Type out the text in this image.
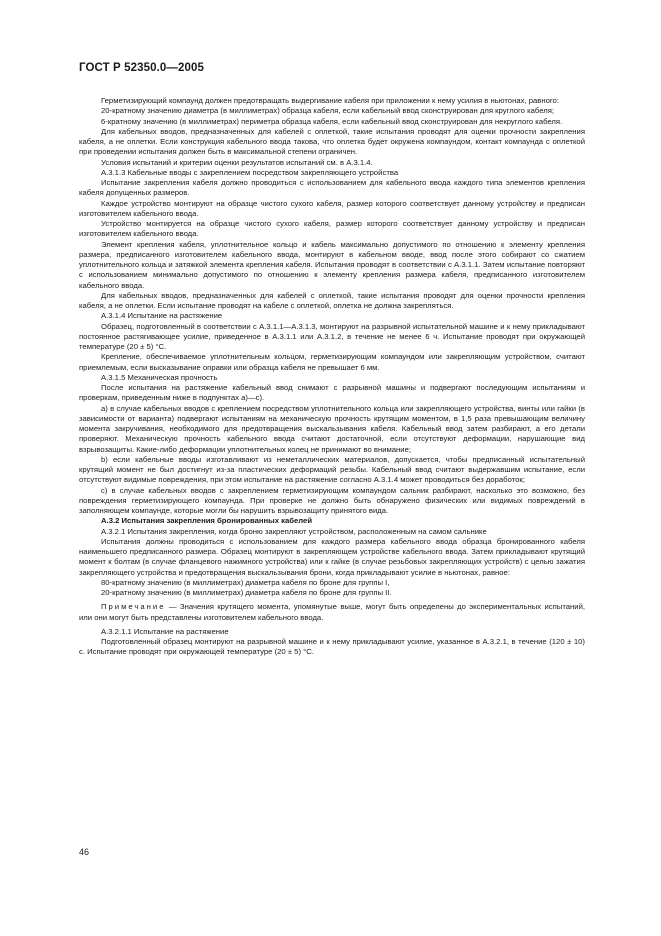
ГОСТ Р 52350.0—2005

Герметизирующий компаунд должен предотвращать выдергивание кабеля при приложении к нему усилия в ньютонах, равного:

20-кратному значению диаметра (в миллиметрах) образца кабеля, если кабельный ввод сконструирован для круглого кабеля;

6-кратному значению (в миллиметрах) периметра образца кабеля, если кабельный ввод сконструирован для некруглого кабеля.

Для кабельных вводов, предназначенных для кабелей с оплеткой, такие испытания проводят для оценки прочности закрепления кабеля, а не оплетки. Если конструкция кабельного ввода такова, что оплетка будет окружена компаундом, контакт компаунда с оплеткой при проведении испытания должен быть в максимальной степени ограничен.

Условия испытаний и критерии оценки результатов испытаний см. в А.3.1.4.

А.3.1.3 Кабельные вводы с закреплением посредством закрепляющего устройства

Испытание закрепления кабеля должно проводиться с использованием для кабельного ввода каждого типа элементов крепления кабеля допущенных размеров.

Каждое устройство монтируют на образце чистого сухого кабеля, размер которого соответствует данному устройству и предписан изготовителем кабельного ввода.

Устройство монтируется на образце чистого сухого кабеля, размер которого соответствует данному устройству и предписан изготовителем кабельного ввода.

Элемент крепления кабеля, уплотнительное кольцо и кабель максимально допустимого по отношению к элементу крепления размера, предписанного изготовителем кабельного ввода, монтируют в кабельном вводе, ввод после этого собирают со сжатием уплотнительного кольца и затяжкой элемента крепления кабеля. Испытания проводят в соответствии с А.3.1.1. Затем испытание повторяют с использованием минимально допустимого по отношению к элементу крепления размера кабеля, предписанного изготовителем кабельного ввода.

Для кабельных вводов, предназначенных для кабелей с оплеткой, такие испытания проводят для оценки прочности крепления кабеля, а не оплетки. Если испытание проводят на кабеле с оплеткой, оплетка не должна закрепляться.

А.3.1.4 Испытание на растяжение

Образец, подготовленный в соответствии с А.3.1.1—А.3.1.3, монтируют на разрывной испытательной машине и к нему прикладывают постоянное растягивающее усилие, приведенное в А.3.1.1 или А.3.1.2, в течение не менее 6 ч. Испытание проводят при окружающей температуре (20 ± 5) °С.

Крепление, обеспечиваемое уплотнительным кольцом, герметизирующим компаундом или закрепляющим устройством, считают приемлемым, если высказывание оправки или образца кабеля не превышает 6 мм.

А.3.1.5 Механическая прочность

После испытания на растяжение кабельный ввод снимают с разрывной машины и подвергают последующим испытаниям и проверкам, приведенным ниже в подпунктах а)—с).

а) в случае кабельных вводов с креплением посредством уплотнительного кольца или закрепляющего устройства, винты или гайки (в зависимости от варианта) подвергают испытаниям на механическую прочность крутящим моментом, в 1,5 раза превышающим величину момента закручивания, необходимого для предотвращения выскальзывания кабеля. Кабельный ввод затем разбирают, а его детали проверяют. Механическую прочность кабельного ввода считают достаточной, если отсутствуют деформации, нарушающие вид взрывозащиты. Какие-либо деформации уплотнительных колец не принимают во внимание;

b) если кабельные вводы изготавливают из неметаллических материалов, допускается, чтобы предписанный испытательный крутящий момент не был достигнут из-за пластических деформаций резьбы. Кабельный ввод считают выдержавшим испытание, если отсутствуют видимые повреждения, при этом испытание на растяжение согласно А.3.1.4 может проводиться без доработок;

с) в случае кабельных вводов с закреплением герметизирующим компаундом сальник разбирают, насколько это возможно, без повреждения герметизирующего компаунда. При проверке не должно быть обнаружено физических или видимых повреждений в заполняющем компаунде, которые могли бы нарушить взрывозащиту принятого вида.

А.3.2 Испытания закрепления бронированных кабелей

А.3.2.1 Испытания закрепления, когда броню закрепляют устройством, расположенным на самом сальнике

Испытания должны проводиться с использованием для каждого размера кабельного ввода образца бронированного кабеля наименьшего предписанного размера. Образец монтируют в закрепляющем устройстве кабельного ввода. Затем прикладывают крутящий момент к болтам (в случае фланцевого нажимного устройства) или к гайке (в случае резьбовых закрепляющих устройств) с целью зажатия закрепляющего устройства и предотвращения выскальзывания брони, когда прикладывают усилие в ньютонах, равное:

80-кратному значению (в миллиметрах) диаметра кабеля по броне для группы I,

20-кратному значению (в миллиметрах) диаметра кабеля по броне для группы II.

Примечание — Значения крутящего момента, упомянутые выше, могут быть определены до экспериментальных испытаний, или они могут быть представлены изготовителем кабельного ввода.

А.3.2.1.1 Испытание на растяжение

Подготовленный образец монтируют на разрывной машине и к нему прикладывают усилие, указанное в А.3.2.1, в течение (120 ± 10) с. Испытание проводят при окружающей температуре (20 ± 5) °С.

46
